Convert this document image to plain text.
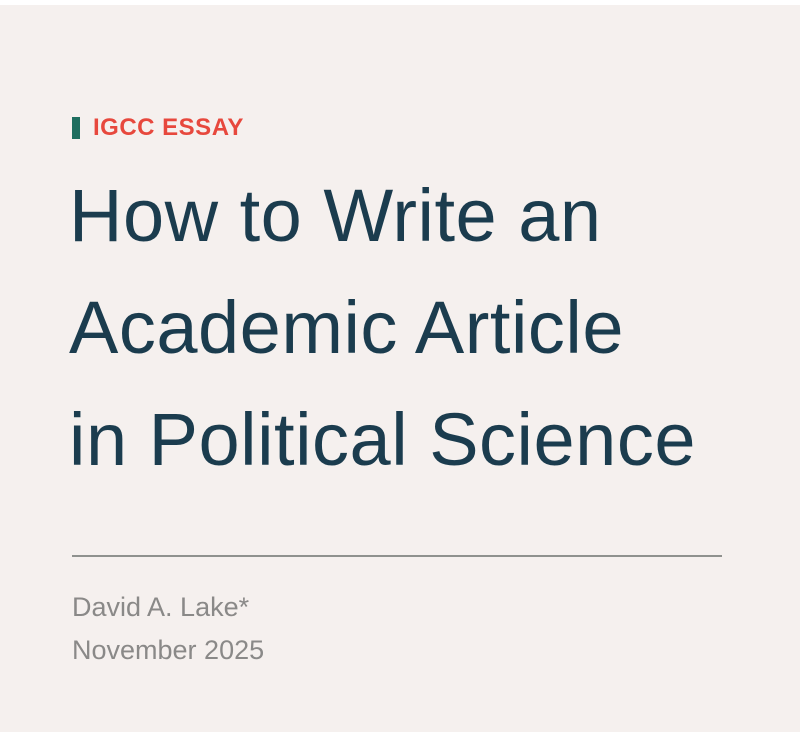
IGCC ESSAY
How to Write an
Academic Article
in Political Science
David A. Lake*
November 2025
